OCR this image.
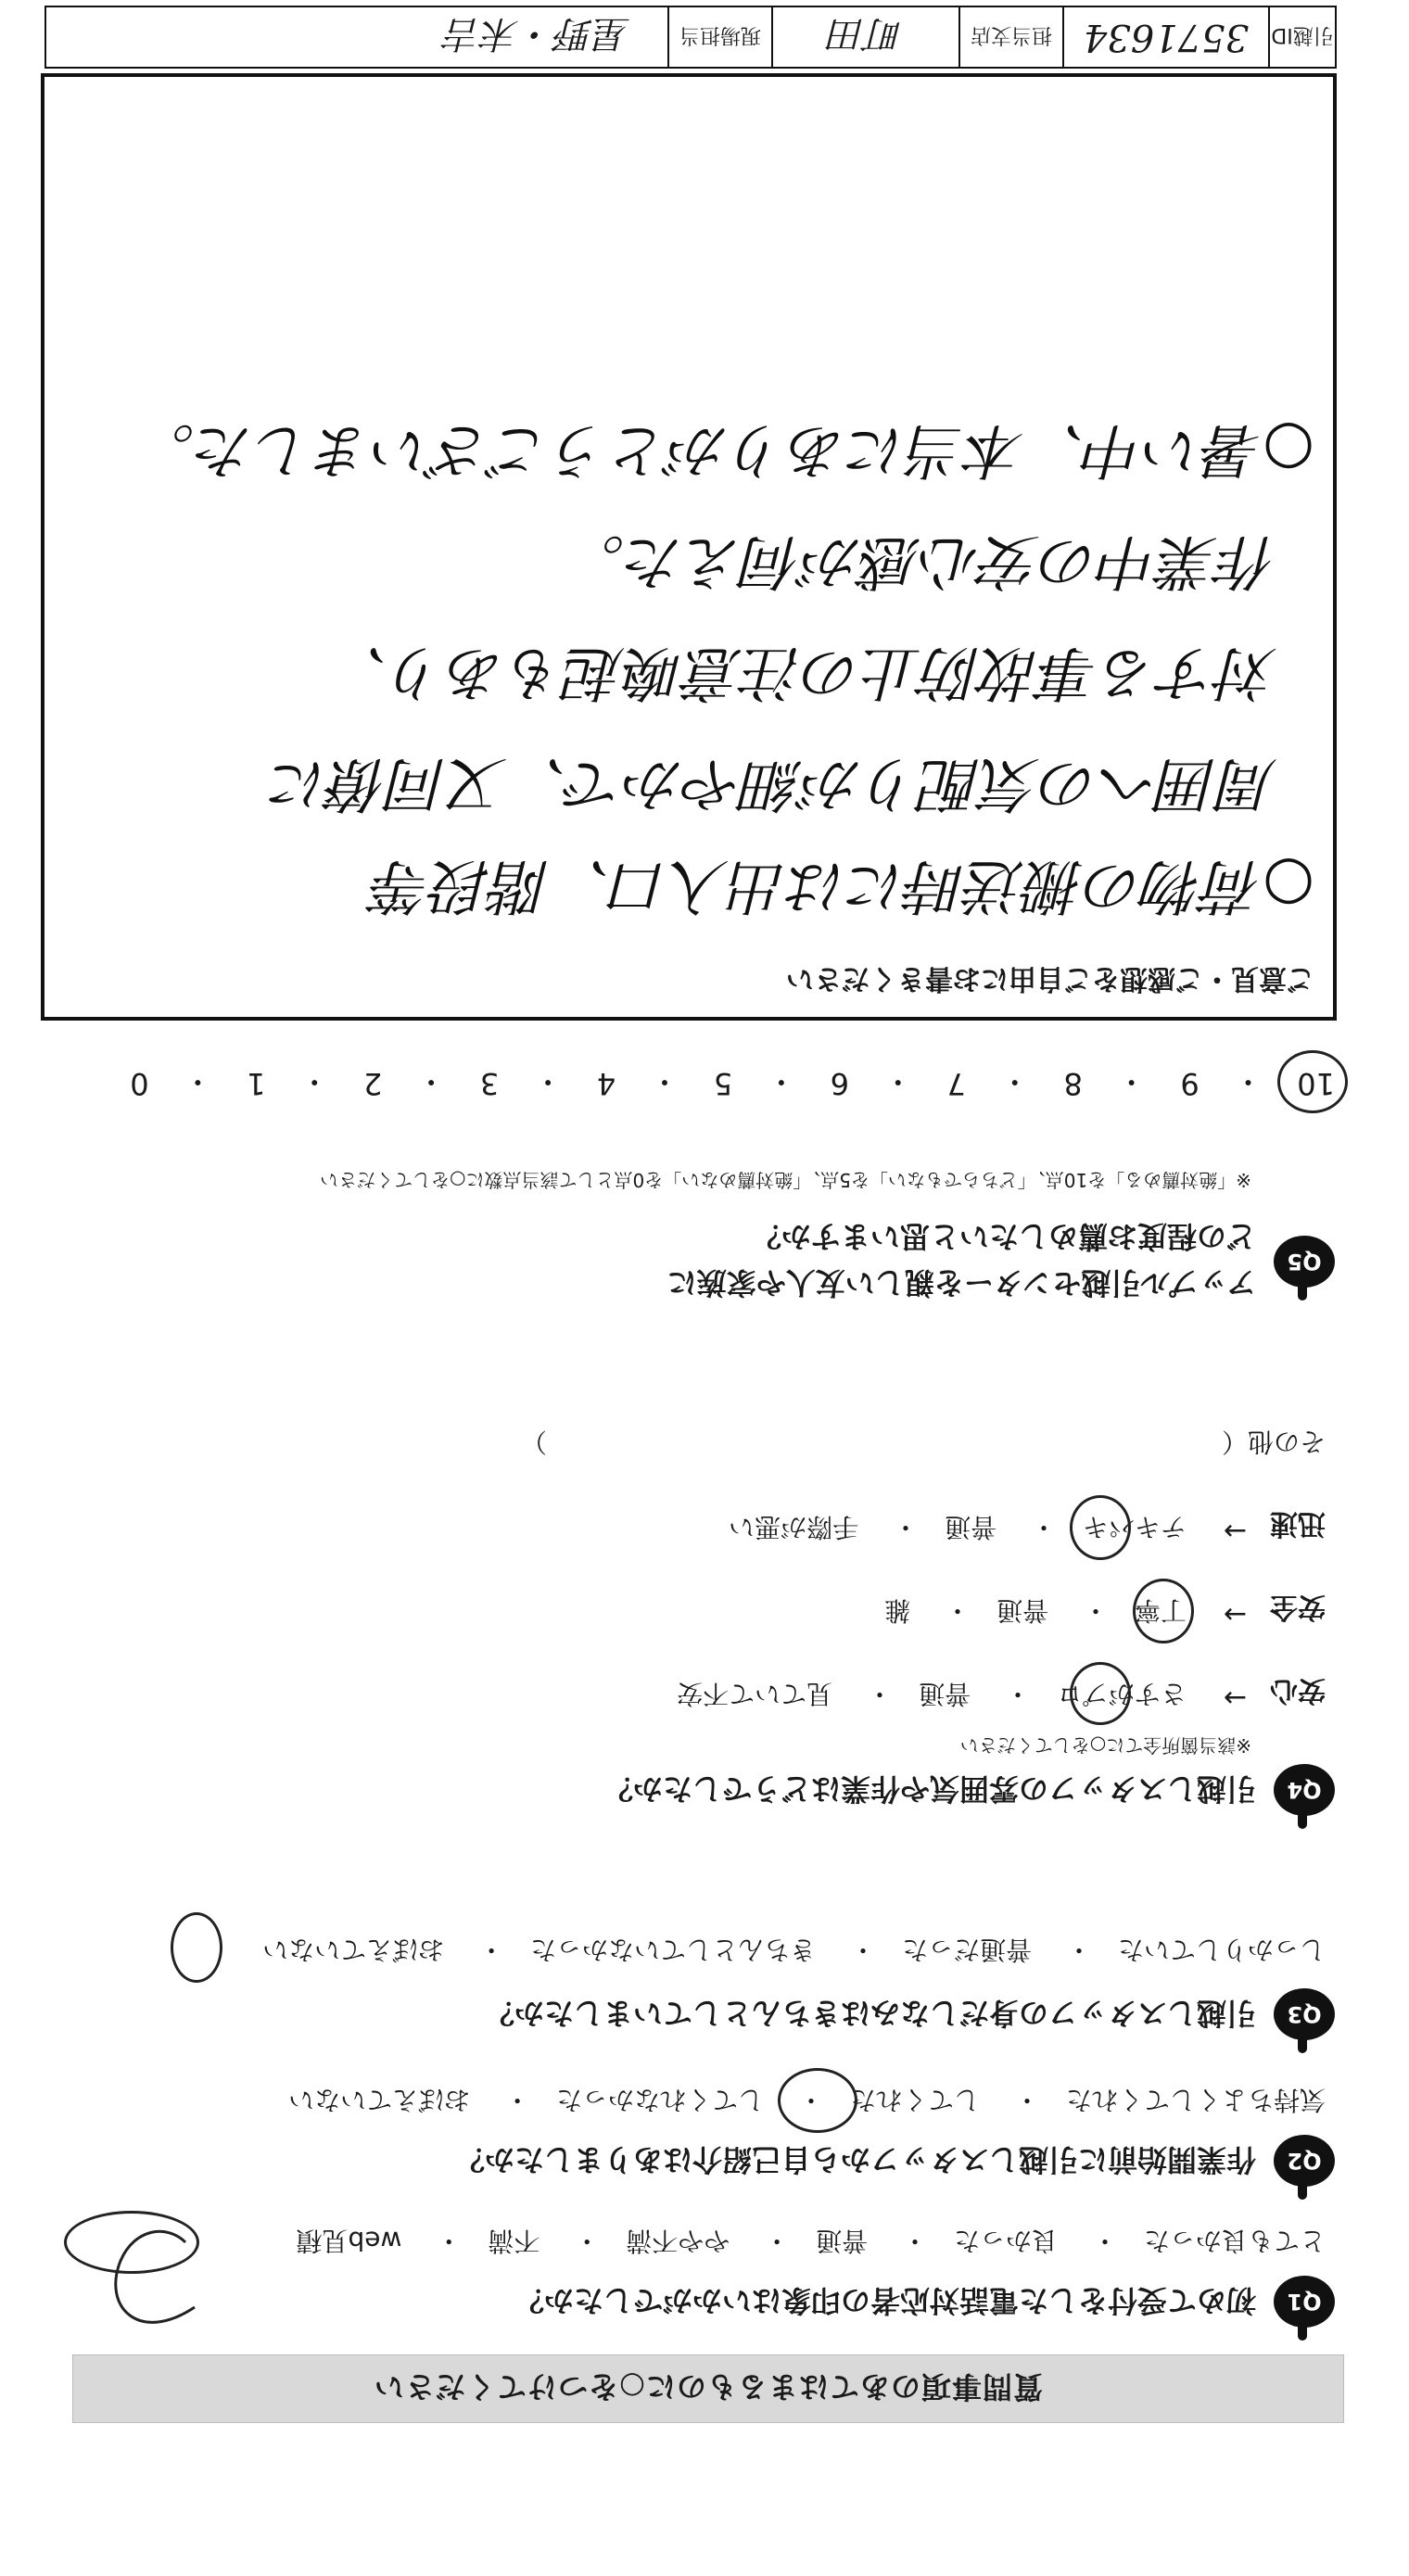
質問事項のあてはまるものに○をつけてください
Q1
初めて受付をした電話対応者の印象はいかがでしたか？
とても良かった　・　 良かった　・　 普通　・　 やや不満　・　 不満　・　 web見積
Q2
作業開始前に引越しスタッフから自己紹介はありましたか？
気持ちよくしてくれた　・　 してくれた　・　 してくれなかった　・　 おぼえていない
Q3
引越しスタッフの身だしなみはきちんとしていましたか？
しっかりしていた　・　 普通だった　・　 きちんとしていなかった　・　 おぼえていない
Q4
引越しスタッフの雰囲気や作業はどうでしたか？
※該当箇所全てに○をしてください
安心
→
さすがプロ　・　 普通　・　 見ていて不安
安全
→
丁寧　・　 普通　・　 雑
迅速
→
テキパキ　・　 普通　・　 手際が悪い
その他（　　　　　　　　　　　　　　　　　　　　　　　　　　）
Q5
アップル引越センターを親しい友人や家族に
どの程度お薦めしたいと思いますか？
※「絶対薦める」を10点、「どちらでもない」を5点、「絶対薦めない」を0点として該当点数に○をしてください
10
・
9
・
8
・
7
・
6
・
5
・
4
・
3
・
2
・
1
・
0
ご意見・ご感想をご自由にお書きください
○荷物の搬送時には出入口、階段等
周囲への気配りが細やかで、又同僚に
対する事故防止の注意喚起もあり、
作業中の安心感が伺えた。
○暑い中、本当にありがとうございました。
引越ID
3571634
担当支店
町田
現場担当
星野・末吉
